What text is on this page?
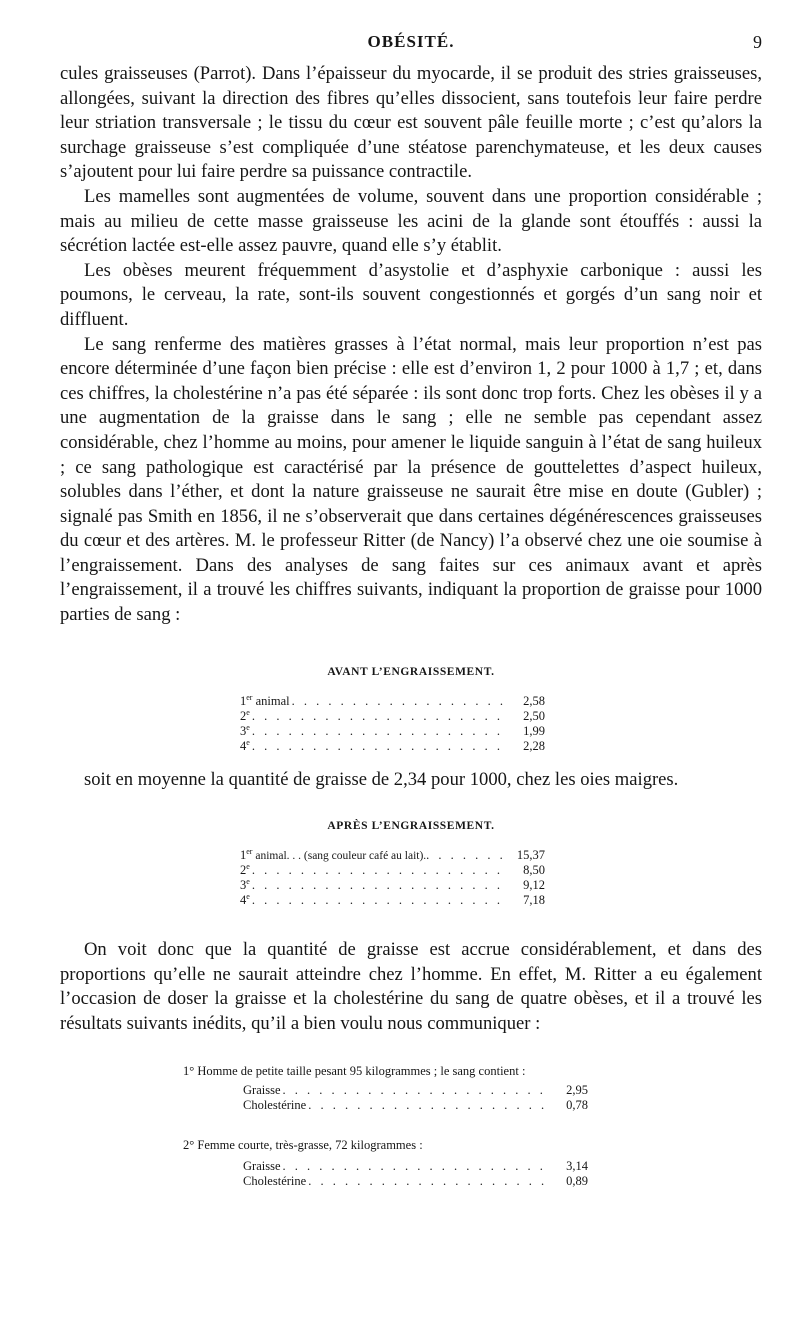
OBÉSITÉ.	9

cules graisseuses (Parrot). Dans l’épaisseur du myocarde, il se produit des stries graisseuses, allongées, suivant la direction des fibres qu’elles dissocient, sans toutefois leur faire perdre leur striation transversale ; le tissu du cœur est souvent pâle feuille morte ; c’est qu’alors la surchage graisseuse s’est compliquée d’une stéatose parenchymateuse, et les deux causes s’ajoutent pour lui faire perdre sa puissance contractile.

Les mamelles sont augmentées de volume, souvent dans une proportion considérable ; mais au milieu de cette masse graisseuse les acini de la glande sont étouffés : aussi la sécrétion lactée est-elle assez pauvre, quand elle s’y établit.

Les obèses meurent fréquemment d’asystolie et d’asphyxie carbonique : aussi les poumons, le cerveau, la rate, sont-ils souvent congestionnés et gorgés d’un sang noir et diffluent.

Le sang renferme des matières grasses à l’état normal, mais leur proportion n’est pas encore déterminée d’une façon bien précise : elle est d’environ 1, 2 pour 1000 à 1,7 ; et, dans ces chiffres, la cholestérine n’a pas été séparée : ils sont donc trop forts. Chez les obèses il y a une augmentation de la graisse dans le sang ; elle ne semble pas cependant assez considérable, chez l’homme au moins, pour amener le liquide sanguin à l’état de sang huileux ; ce sang pathologique est caractérisé par la présence de gouttelettes d’aspect huileux, solubles dans l’éther, et dont la nature graisseuse ne saurait être mise en doute (Gubler) ; signalé pas Smith en 1856, il ne s’observerait que dans certaines dégénérescences graisseuses du cœur et des artères. M. le professeur Ritter (de Nancy) l’a observé chez une oie soumise à l’engraissement. Dans des analyses de sang faites sur ces animaux avant et après l’engraissement, il a trouvé les chiffres suivants, indiquant la proportion de graisse pour 1000 parties de sang :

AVANT L’ENGRAISSEMENT.

1er animal . . .	2,58
2e . . .	2,50
3e . . .	1,99
4e . . .	2,28

soit en moyenne la quantité de graisse de 2,34 pour 1000, chez les oies maigres.

APRÈS L’ENGRAISSEMENT.

1er animal. . . (sang couleur café au lait). . . .	15,37
2e . . .	8,50
3e . . .	9,12
4e . . .	7,18

On voit donc que la quantité de graisse est accrue considérablement, et dans des proportions qu’elle ne saurait atteindre chez l’homme. En effet, M. Ritter a eu également l’occasion de doser la graisse et la cholestérine du sang de quatre obèses, et il a trouvé les résultats suivants inédits, qu’il a bien voulu nous communiquer :

1° Homme de petite taille pesant 95 kilogrammes ; le sang contient :

Graisse . . .	2,95
Cholestérine . . .	0,78

2° Femme courte, très-grasse, 72 kilogrammes :

Graisse . . .	3,14
Cholestérine . . .	0,89
